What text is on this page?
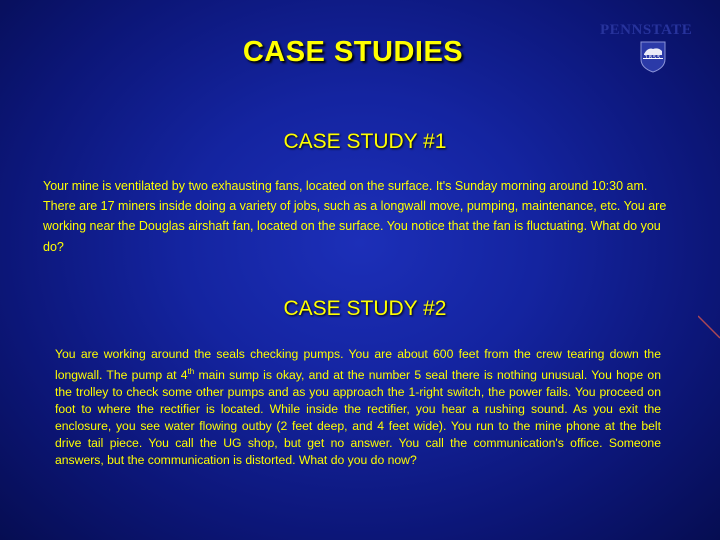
CASE STUDIES
PENNSTATE
1855
CASE STUDY #1
Your mine is ventilated by two exhausting fans, located on the surface. It's Sunday morning around 10:30 am. There are 17 miners inside doing a variety of jobs, such as a longwall move, pumping, maintenance, etc. You are working near the Douglas airshaft fan, located on the surface. You notice that the fan is fluctuating. What do you do?
CASE STUDY #2
You are working around the seals checking pumps. You are about 600 feet from the crew tearing down the longwall. The pump at 4th main sump is okay, and at the number 5 seal there is nothing unusual. You hope on the trolley to check some other pumps and as you approach the 1-right switch, the power fails. You proceed on foot to where the rectifier is located. While inside the rectifier, you hear a rushing sound. As you exit the enclosure, you see water flowing outby (2 feet deep, and 4 feet wide). You run to the mine phone at the belt drive tail piece. You call the UG shop, but get no answer. You call the communication's office. Someone answers, but the communication is distorted. What do you do now?
